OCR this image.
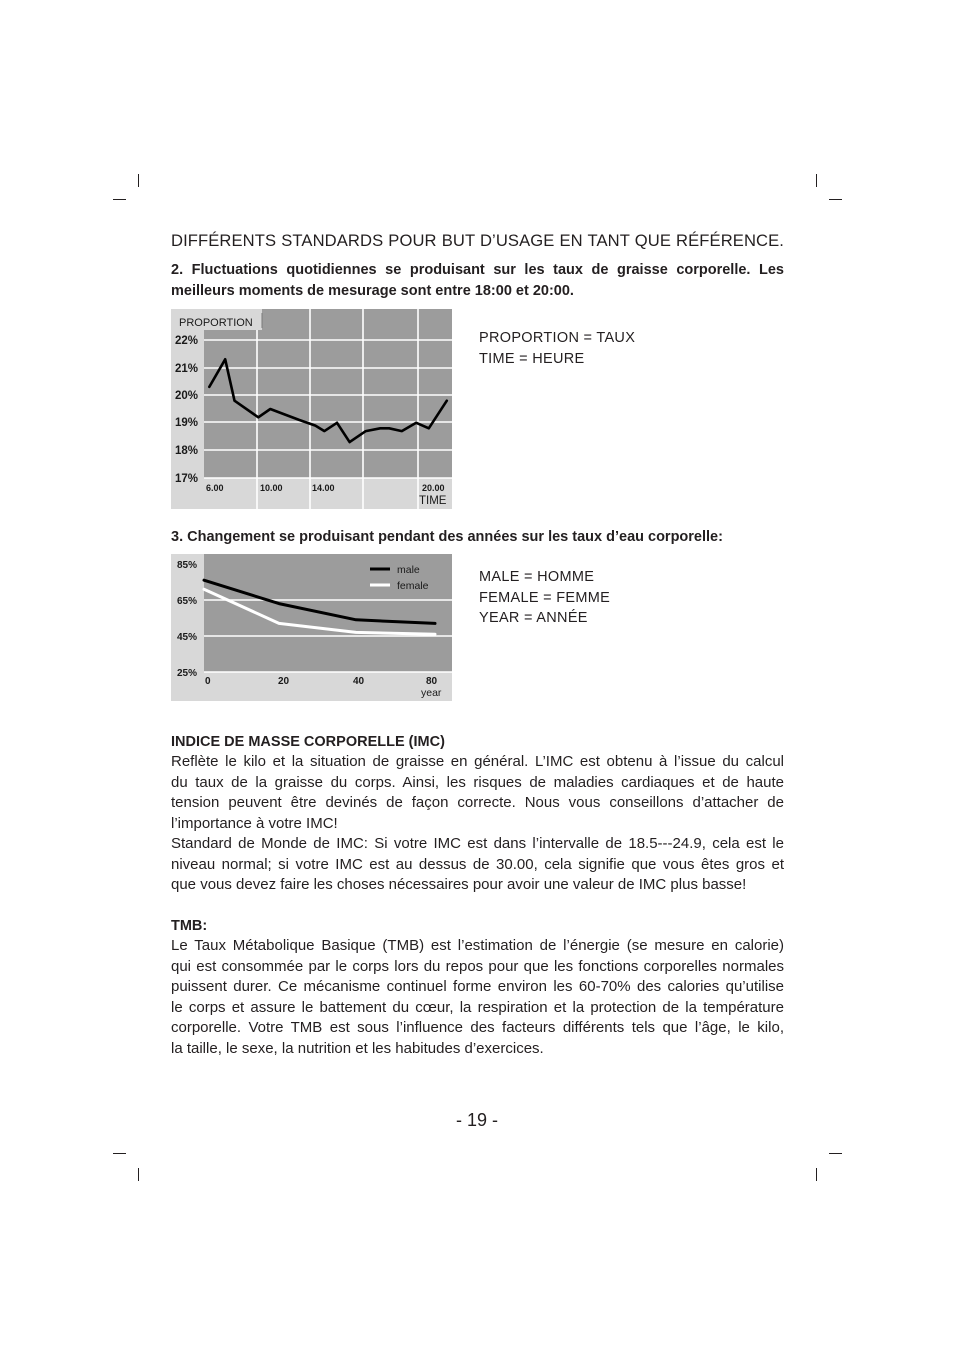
DIFFÉRENTS STANDARDS POUR BUT D’USAGE EN TANT QUE RÉFÉRENCE.
2. Fluctuations quotidiennes se produisant sur les taux de graisse corporelle. Les
meilleurs moments de mesurage sont entre 18:00 et 20:00.
PROPORTION
22%
21%
20%
19%
18%
17%
6.00	10.00	14.00	20.00
TIME
PROPORTION = TAUX
TIME = HEURE
3. Changement se produisant pendant des années sur les taux d’eau corporelle:
85%
65%
45%
25%
0	20	40	80
year
male
female
MALE = HOMME
FEMALE = FEMME
YEAR = ANNÉE
INDICE DE MASSE CORPORELLE (IMC)
Reflète le kilo et la situation de graisse en général. L’IMC est obtenu à l’issue du calcul
du taux de la graisse du corps. Ainsi, les risques de maladies cardiaques et de haute
tension peuvent être devinés de façon correcte. Nous vous conseillons d’attacher de
l’importance à votre IMC!
Standard de Monde de IMC: Si votre IMC est dans l’intervalle de 18.5---24.9, cela est le
niveau normal; si votre IMC est au dessus de 30.00, cela signifie que vous êtes gros et
que vous devez faire les choses nécessaires pour avoir une valeur de IMC plus basse!
TMB:
Le Taux Métabolique Basique (TMB) est l’estimation de l’énergie (se mesure en calorie)
qui est consommée par le corps lors du repos pour que les fonctions corporelles normales
puissent durer. Ce mécanisme continuel forme environ les 60-70% des calories qu’utilise
le corps et assure le battement du cœur, la respiration et la protection de la température
corporelle. Votre TMB est sous l’influence des facteurs différents tels que l’âge, le kilo,
la taille, le sexe, la nutrition et les habitudes d’exercices.
- 19 -
